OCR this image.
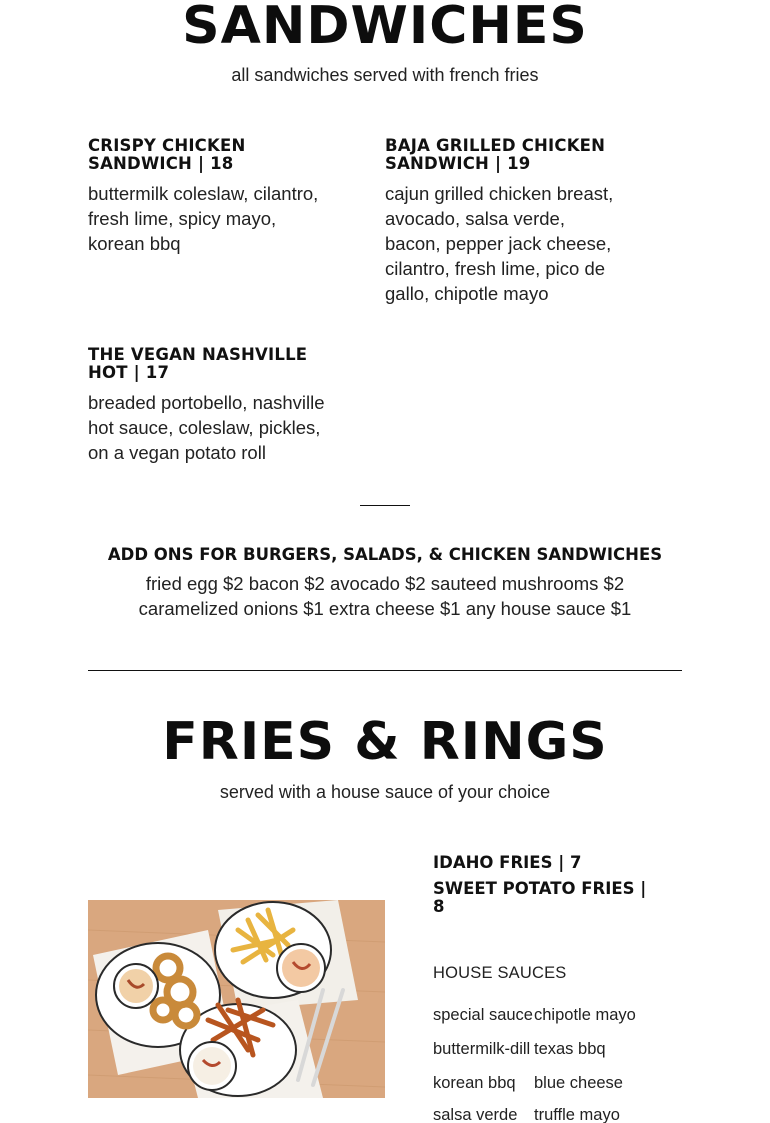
SANDWICHES
all sandwiches served with french fries
CRISPY CHICKEN SANDWICH | 18
buttermilk coleslaw, cilantro, fresh lime, spicy mayo, korean bbq
BAJA GRILLED CHICKEN SANDWICH | 19
cajun grilled chicken breast, avocado, salsa verde, bacon, pepper jack cheese, cilantro, fresh lime, pico de gallo, chipotle mayo
THE VEGAN NASHVILLE HOT | 17
breaded portobello, nashville hot sauce, coleslaw, pickles, on a vegan potato roll
ADD ONS FOR BURGERS, SALADS, & CHICKEN SANDWICHES
fried egg $2 bacon $2 avocado $2 sauteed mushrooms $2 caramelized onions $1 extra cheese $1 any house sauce $1
FRIES & RINGS
served with a house sauce of your choice
IDAHO FRIES | 7
SWEET POTATO FRIES | 8
HOUSE SAUCES
special sauce chipotle mayo
buttermilk-dill texas bbq
korean bbq blue cheese
salsa verde truffle mayo
